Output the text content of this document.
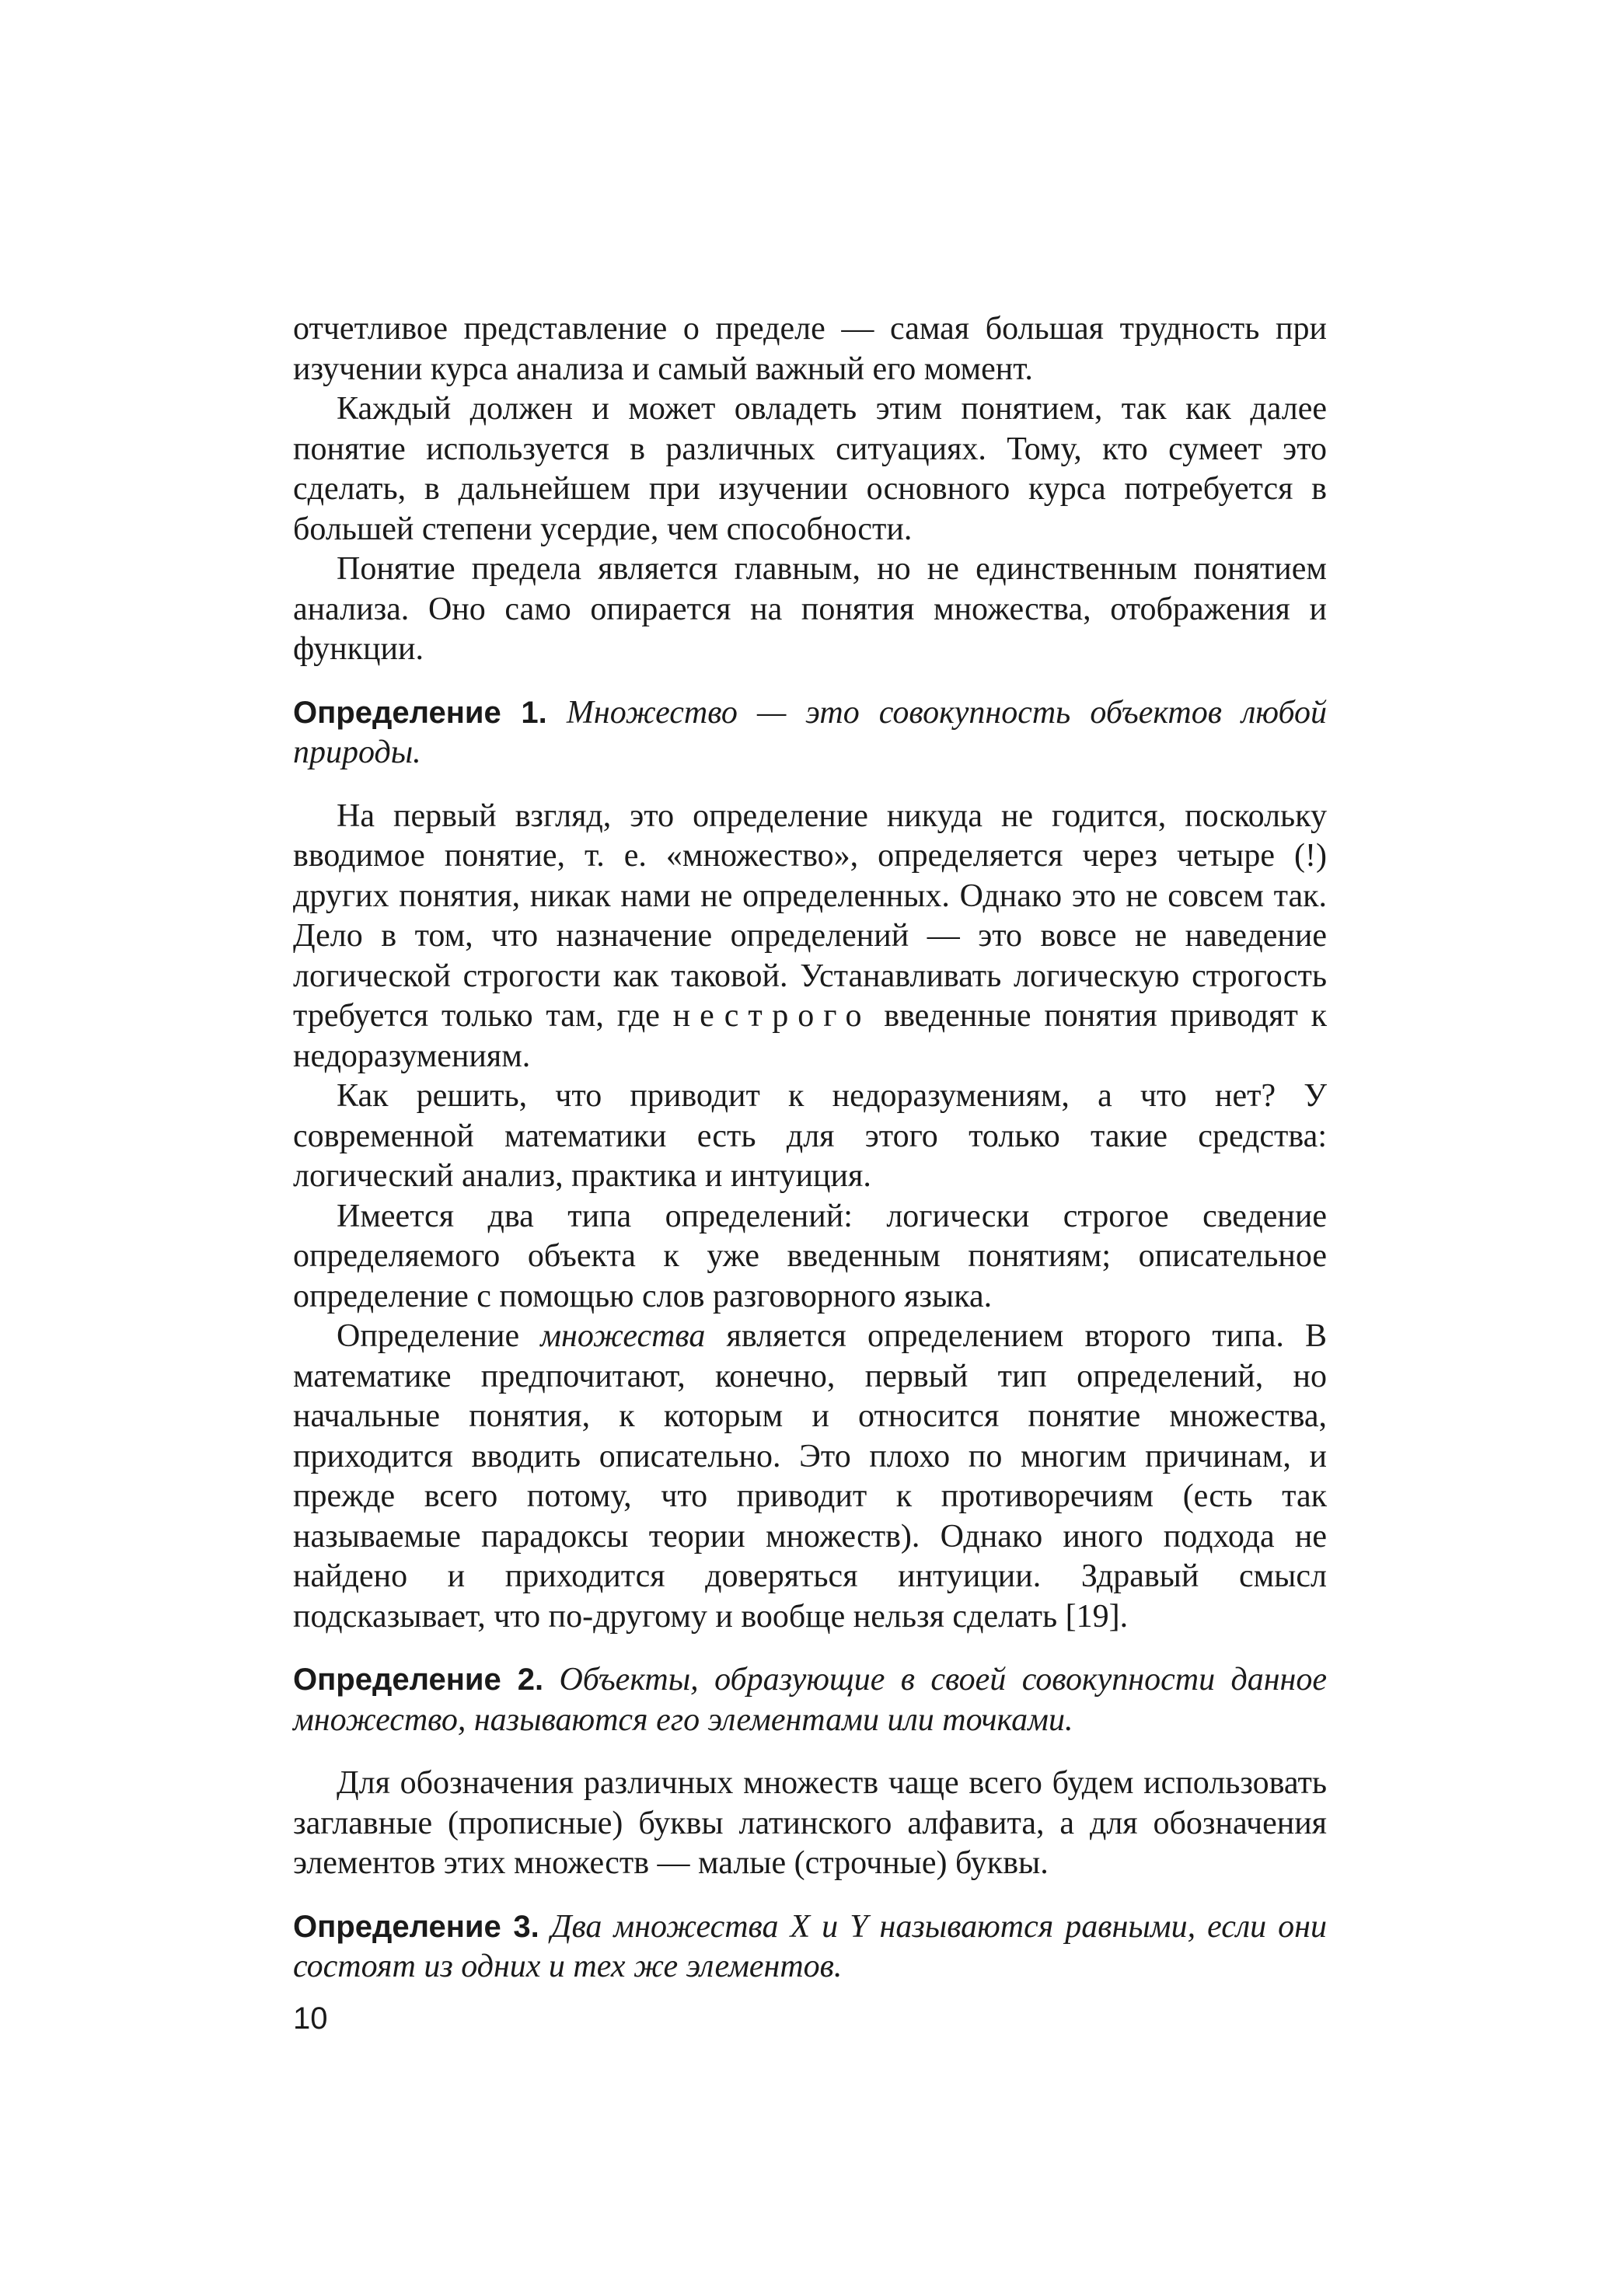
отчетливое представление о пределе — самая большая трудность при изучении курса анализа и самый важный его момент.

Каждый должен и может овладеть этим понятием, так как далее понятие используется в различных ситуациях. Тому, кто сумеет это сделать, в дальнейшем при изучении основного курса потребуется в большей степени усердие, чем способности.

Понятие предела является главным, но не единственным понятием анализа. Оно само опирается на понятия множества, отображения и функции.

Определение 1. Множество — это совокупность объектов любой природы.

На первый взгляд, это определение никуда не годится, поскольку вводимое понятие, т. е. «множество», определяется через четыре (!) других понятия, никак нами не определенных. Однако это не совсем так. Дело в том, что назначение определений — это вовсе не наведение логической строгости как таковой. Устанавливать логическую строгость требуется только там, где нестрого введенные понятия приводят к недоразумениям.

Как решить, что приводит к недоразумениям, а что нет? У современной математики есть для этого только такие средства: логический анализ, практика и интуиция.

Имеется два типа определений: логически строгое сведение определяемого объекта к уже введенным понятиям; описательное определение с помощью слов разговорного языка.

Определение множества является определением второго типа. В математике предпочитают, конечно, первый тип определений, но начальные понятия, к которым и относится понятие множества, приходится вводить описательно. Это плохо по многим причинам, и прежде всего потому, что приводит к противоречиям (есть так называемые парадоксы теории множеств). Однако иного подхода не найдено и приходится доверяться интуиции. Здравый смысл подсказывает, что по-другому и вообще нельзя сделать [19].

Определение 2. Объекты, образующие в своей совокупности данное множество, называются его элементами или точками.

Для обозначения различных множеств чаще всего будем использовать заглавные (прописные) буквы латинского алфавита, а для обозначения элементов этих множеств — малые (строчные) буквы.

Определение 3. Два множества X и Y называются равными, если они состоят из одних и тех же элементов.

10
